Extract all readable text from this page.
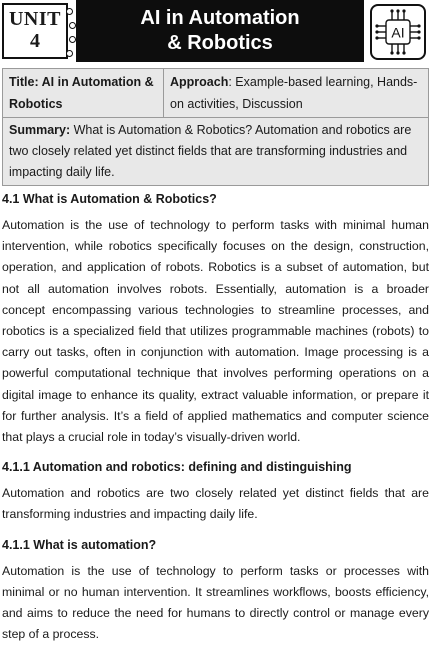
UNIT
4
AI in Automation
& Robotics	AI
Title: AI in Automation & Robotics	Approach: Example-based learning, Hands-on activities, Discussion
Summary: What is Automation & Robotics? Automation and robotics are two closely related yet distinct fields that are transforming industries and impacting daily life.
4.1 What is Automation & Robotics?

Automation is the use of technology to perform tasks with minimal human intervention, while robotics specifically focuses on the design, construction, operation, and application of robots. Robotics is a subset of automation, but not all automation involves robots. Essentially, automation is a broader concept encompassing various technologies to streamline processes, and robotics is a specialized field that utilizes programmable machines (robots) to carry out tasks, often in conjunction with automation. Image processing is a powerful computational technique that involves performing operations on a digital image to enhance its quality, extract valuable information, or prepare it for further analysis. It’s a field of applied mathematics and computer science that plays a crucial role in today’s visually-driven world.

4.1.1 Automation and robotics: defining and distinguishing

Automation and robotics are two closely related yet distinct fields that are transforming industries and impacting daily life.

4.1.1 What is automation?

Automation is the use of technology to perform tasks or processes with minimal or no human intervention. It streamlines workflows, boosts efficiency, and aims to reduce the need for humans to directly control or manage every step of a process.
